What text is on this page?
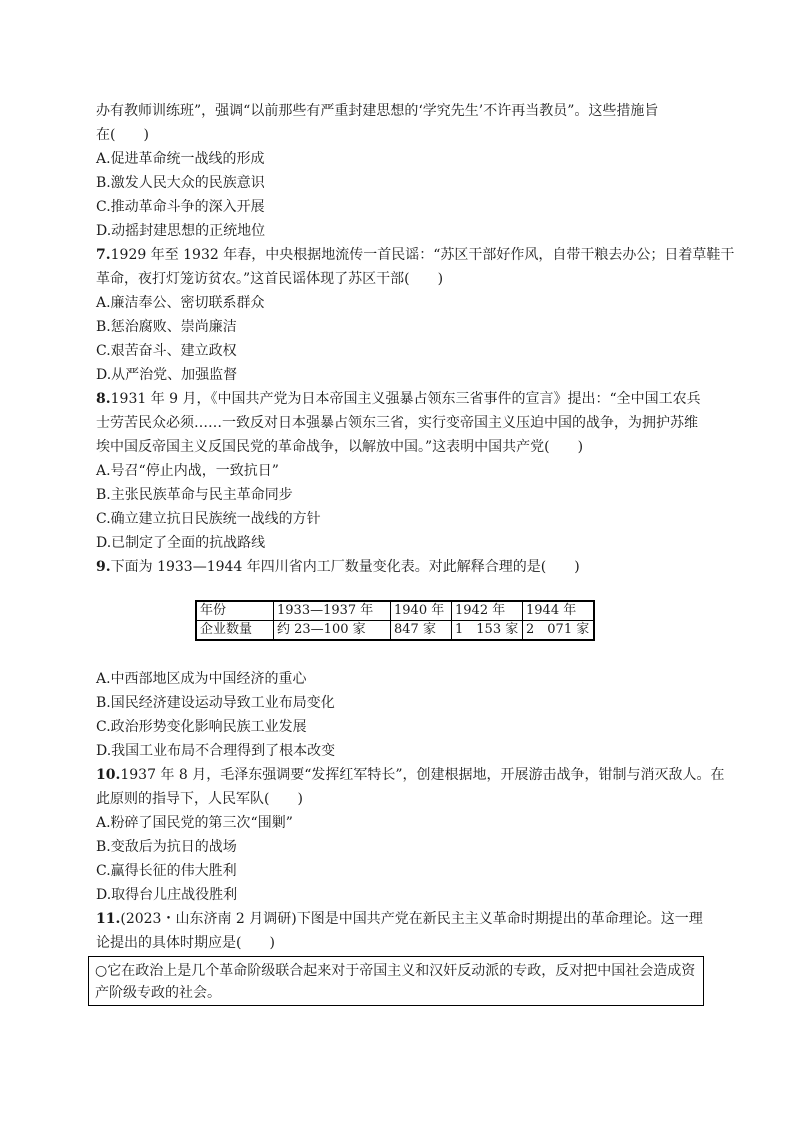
办有教师训练班”，强调“以前那些有严重封建思想的‘学究先生’不许再当教员”。这些措施旨
在(　　)
A.促进革命统一战线的形成
B.激发人民大众的民族意识
C.推动革命斗争的深入开展
D.动摇封建思想的正统地位
7.1929 年至 1932 年春，中央根据地流传一首民谣：“苏区干部好作风，自带干粮去办公；日着草鞋干
革命，夜打灯笼访贫农。”这首民谣体现了苏区干部(　　)
A.廉洁奉公、密切联系群众
B.惩治腐败、崇尚廉洁
C.艰苦奋斗、建立政权
D.从严治党、加强监督
8.1931 年 9 月，《中国共产党为日本帝国主义强暴占领东三省事件的宣言》提出：“全中国工农兵
士劳苦民众必须……一致反对日本强暴占领东三省，实行变帝国主义压迫中国的战争，为拥护苏维
埃中国反帝国主义反国民党的革命战争，以解放中国。”这表明中国共产党(　　)
A.号召“停止内战，一致抗日”
B.主张民族革命与民主革命同步
C.确立建立抗日民族统一战线的方针
D.已制定了全面的抗战路线
9.下面为 1933—1944 年四川省内工厂数量变化表。对此解释合理的是(　　)
年份	1933—1937 年	1940 年	1942 年	1944 年
企业数量	约 23—100 家	847 家	1　153 家	2　071 家
A.中西部地区成为中国经济的重心
B.国民经济建设运动导致工业布局变化
C.政治形势变化影响民族工业发展
D.我国工业布局不合理得到了根本改变
10.1937 年 8 月，毛泽东强调要“发挥红军特长”，创建根据地，开展游击战争，钳制与消灭敌人。在
此原则的指导下，人民军队(　　)
A.粉碎了国民党的第三次“围剿”
B.变敌后为抗日的战场
C.赢得长征的伟大胜利
D.取得台儿庄战役胜利
11.(2023・山东济南 2 月调研)下图是中国共产党在新民主主义革命时期提出的革命理论。这一理
论提出的具体时期应是(　　)
○它在政治上是几个革命阶级联合起来对于帝国主义和汉奸反动派的专政，反对把中国社会造成资
产阶级专政的社会。
